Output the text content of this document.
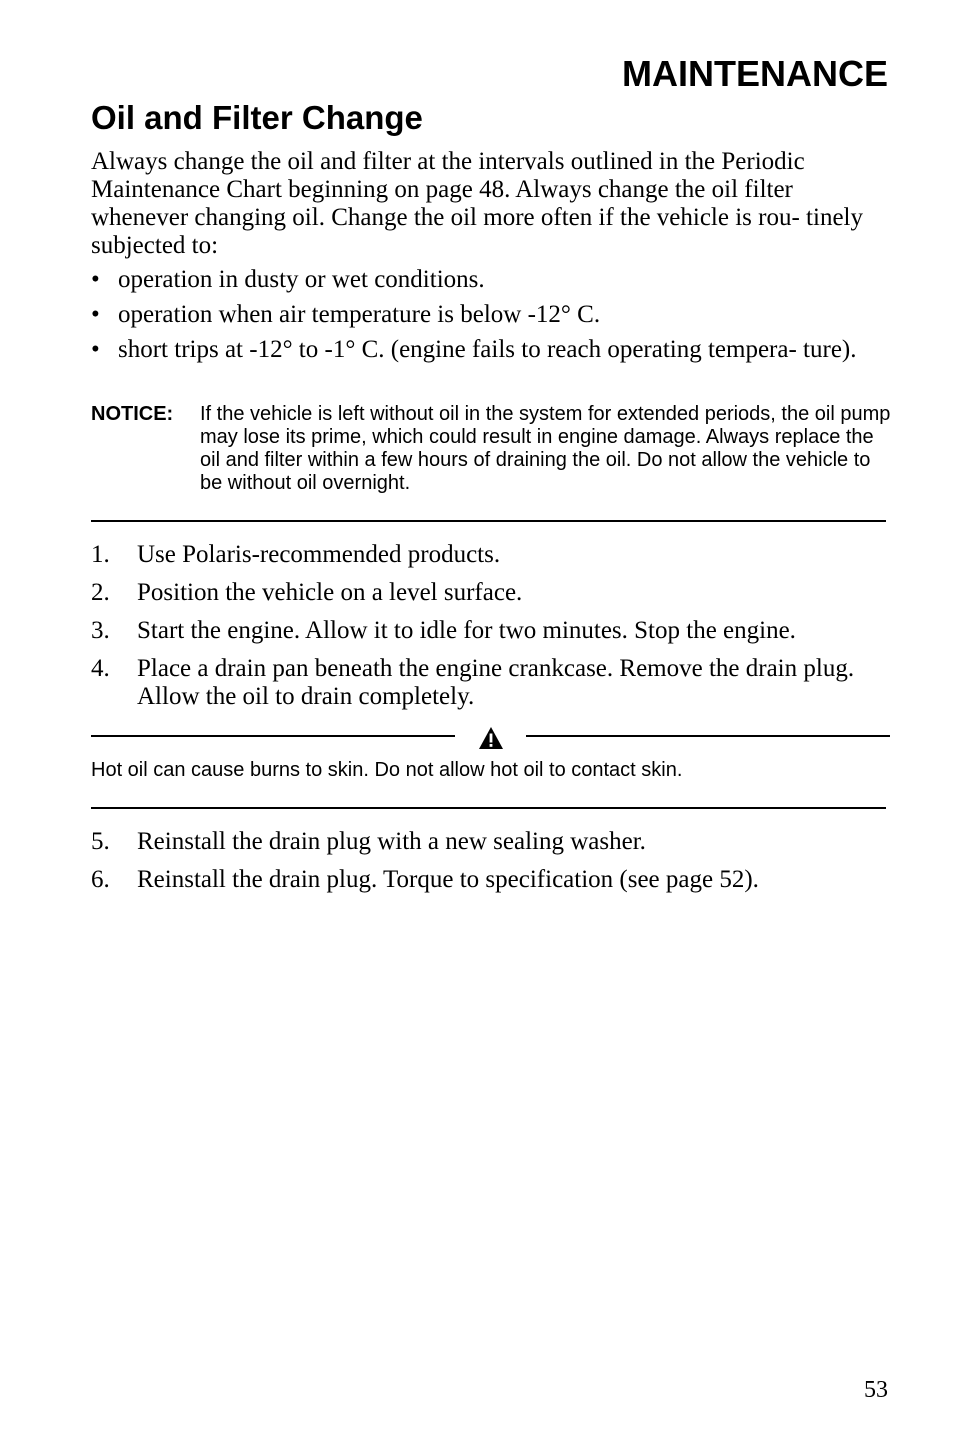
MAINTENANCE
Oil and Filter Change

Always change the oil and filter at the intervals outlined in the Periodic Maintenance Chart beginning on page 48. Always change the oil filter whenever changing oil. Change the oil more often if the vehicle is rou- tinely subjected to:

• operation in dusty or wet conditions.
• operation when air temperature is below -12° C.
• short trips at -12° to -1° C. (engine fails to reach operating tempera- ture).
NOTICE: If the vehicle is left without oil in the system for extended periods, the oil pump may lose its prime, which could result in engine damage. Always replace the oil and filter within a few hours of draining the oil. Do not allow the vehicle to be without oil overnight.
1. Use Polaris-recommended products.
2. Position the vehicle on a level surface.
3. Start the engine. Allow it to idle for two minutes. Stop the engine.
4. Place a drain pan beneath the engine crankcase. Remove the drain plug. Allow the oil to drain completely.
Hot oil can cause burns to skin. Do not allow hot oil to contact skin.
5. Reinstall the drain plug with a new sealing washer.
6. Reinstall the drain plug. Torque to specification (see page 52).
53
